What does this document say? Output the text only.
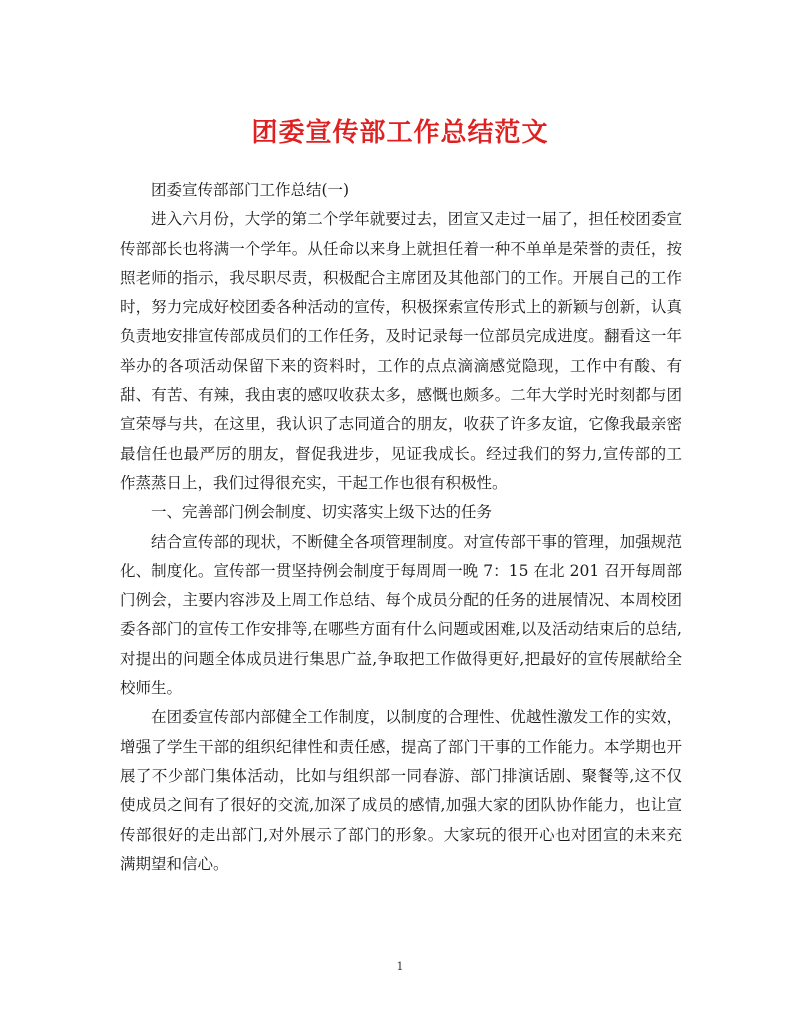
团委宣传部工作总结范文

团委宣传部部门工作总结(一)

进入六月份，大学的第二个学年就要过去，团宣又走过一届了，担任校团委宣传部部长也将满一个学年。从任命以来身上就担任着一种不单单是荣誉的责任，按照老师的指示，我尽职尽责，积极配合主席团及其他部门的工作。开展自己的工作时，努力完成好校团委各种活动的宣传，积极探索宣传形式上的新颖与创新，认真负责地安排宣传部成员们的工作任务，及时记录每一位部员完成进度。翻看这一年举办的各项活动保留下来的资料时，工作的点点滴滴感觉隐现，工作中有酸、有甜、有苦、有辣，我由衷的感叹收获太多，感慨也颇多。二年大学时光时刻都与团宣荣辱与共，在这里，我认识了志同道合的朋友，收获了许多友谊，它像我最亲密最信任也最严厉的朋友，督促我进步，见证我成长。经过我们的努力,宣传部的工作蒸蒸日上，我们过得很充实，干起工作也很有积极性。

一、完善部门例会制度、切实落实上级下达的任务

结合宣传部的现状，不断健全各项管理制度。对宣传部干事的管理，加强规范化、制度化。宣传部一贯坚持例会制度于每周周一晚 7：15 在北 201 召开每周部门例会，主要内容涉及上周工作总结、每个成员分配的任务的进展情况、本周校团委各部门的宣传工作安排等,在哪些方面有什么问题或困难,以及活动结束后的总结,对提出的问题全体成员进行集思广益,争取把工作做得更好,把最好的宣传展献给全校师生。

在团委宣传部内部健全工作制度，以制度的合理性、优越性激发工作的实效，增强了学生干部的组织纪律性和责任感，提高了部门干事的工作能力。本学期也开展了不少部门集体活动，比如与组织部一同春游、部门排演话剧、聚餐等,这不仅使成员之间有了很好的交流,加深了成员的感情,加强大家的团队协作能力，也让宣传部很好的走出部门,对外展示了部门的形象。大家玩的很开心也对团宣的未来充满期望和信心。

1
